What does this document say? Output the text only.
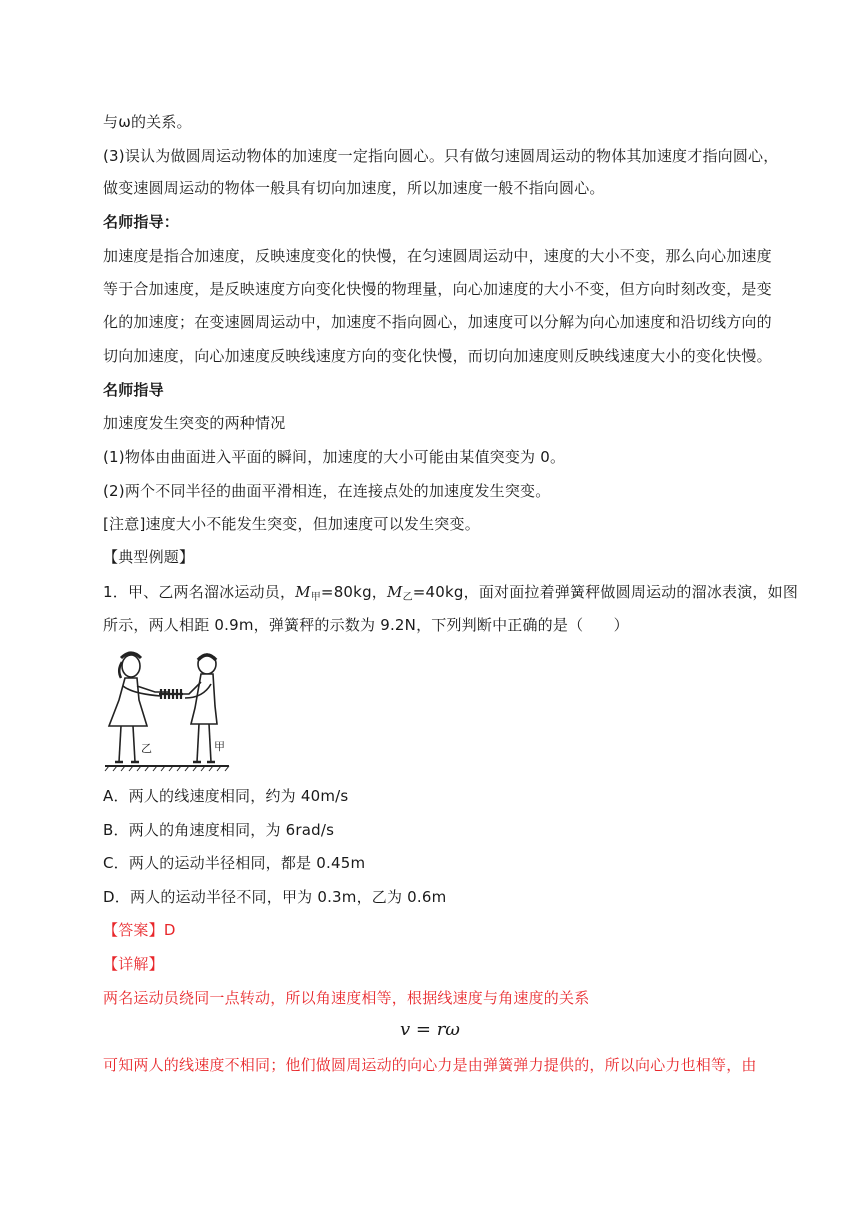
与ω的关系。
(3)误认为做圆周运动物体的加速度一定指向圆心。只有做匀速圆周运动的物体其加速度才指向圆心，
做变速圆周运动的物体一般具有切向加速度，所以加速度一般不指向圆心。
名师指导：
加速度是指合加速度，反映速度变化的快慢，在匀速圆周运动中，速度的大小不变，那么向心加速度
等于合加速度，是反映速度方向变化快慢的物理量，向心加速度的大小不变，但方向时刻改变，是变
化的加速度；在变速圆周运动中，加速度不指向圆心，加速度可以分解为向心加速度和沿切线方向的
切向加速度，向心加速度反映线速度方向的变化快慢，而切向加速度则反映线速度大小的变化快慢。
名师指导
加速度发生突变的两种情况
(1)物体由曲面进入平面的瞬间，加速度的大小可能由某值突变为 0。
(2)两个不同半径的曲面平滑相连，在连接点处的加速度发生突变。
[注意]速度大小不能发生突变，但加速度可以发生突变。
【典型例题】
1．甲、乙两名溜冰运动员，$M_甲=80kg$，$M_乙=40kg$，面对面拉着弹簧秤做圆周运动的溜冰表演，如图
所示，两人相距 0.9m，弹簧秤的示数为 9.2N，下列判断中正确的是（　　）
乙	甲
A．两人的线速度相同，约为 40m/s
B．两人的角速度相同，为 6rad/s
C．两人的运动半径相同，都是 0.45m
D．两人的运动半径不同，甲为 0.3m，乙为 0.6m
【答案】D
【详解】
两名运动员绕同一点转动，所以角速度相等，根据线速度与角速度的关系
v = rω
可知两人的线速度不相同；他们做圆周运动的向心力是由弹簧弹力提供的，所以向心力也相等，由
